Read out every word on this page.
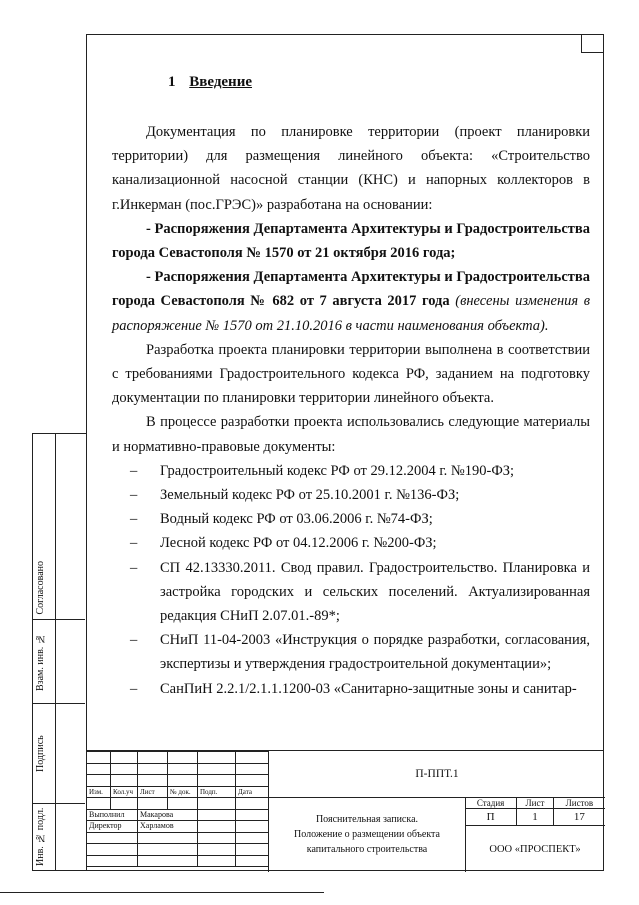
1 Введение

Документация по планировке территории (проект планировки территории) для размещения линейного объекта: «Строительство канализационной насосной станции (КНС) и напорных коллекторов в г.Инкерман (пос.ГРЭС)» разработана на основании:

- Распоряжения Департамента Архитектуры и Градостроительства города Севастополя № 1570 от 21 октября 2016 года;

- Распоряжения Департамента Архитектуры и Градостроительства города Севастополя № 682 от 7 августа 2017 года (внесены изменения в распоряжение № 1570 от 21.10.2016 в части наименования объекта).

Разработка проекта планировки территории выполнена в соответствии с требованиями Градостроительного кодекса РФ, заданием на подготовку документации по планировки территории линейного объекта.

В процессе разработки проекта использовались следующие материалы и нормативно-правовые документы:

– Градостроительный кодекс РФ от 29.12.2004 г. №190-ФЗ;
– Земельный кодекс РФ от 25.10.2001 г. №136-ФЗ;
– Водный кодекс РФ от 03.06.2006 г. №74-ФЗ;
– Лесной кодекс РФ от 04.12.2006 г. №200-ФЗ;
– СП 42.13330.2011. Свод правил. Градостроительство. Планировка и застройка городских и сельских поселений. Актуализированная редакция СНиП 2.07.01.-89*;
– СНиП 11-04-2003 «Инструкция о порядке разработки, согласования, экспертизы и утверждения градостроительной документации»;
– СанПиН 2.2.1/2.1.1.1200-03 «Санитарно-защитные зоны и санитар-
Согласовано
Взам. инв. №
Подпись
Инв. № подл.

Изм.	Кол.уч	Лист	№ док.	Подп.	Дата

Выполнил		Макарова			
Директор		Харламов			

П-ППТ.1
Пояснительная записка.
Положение о размещении объекта
капитального строительства
Стадия	Лист	Листов
П	1	17
ООО «ПРОСПЕКТ»
